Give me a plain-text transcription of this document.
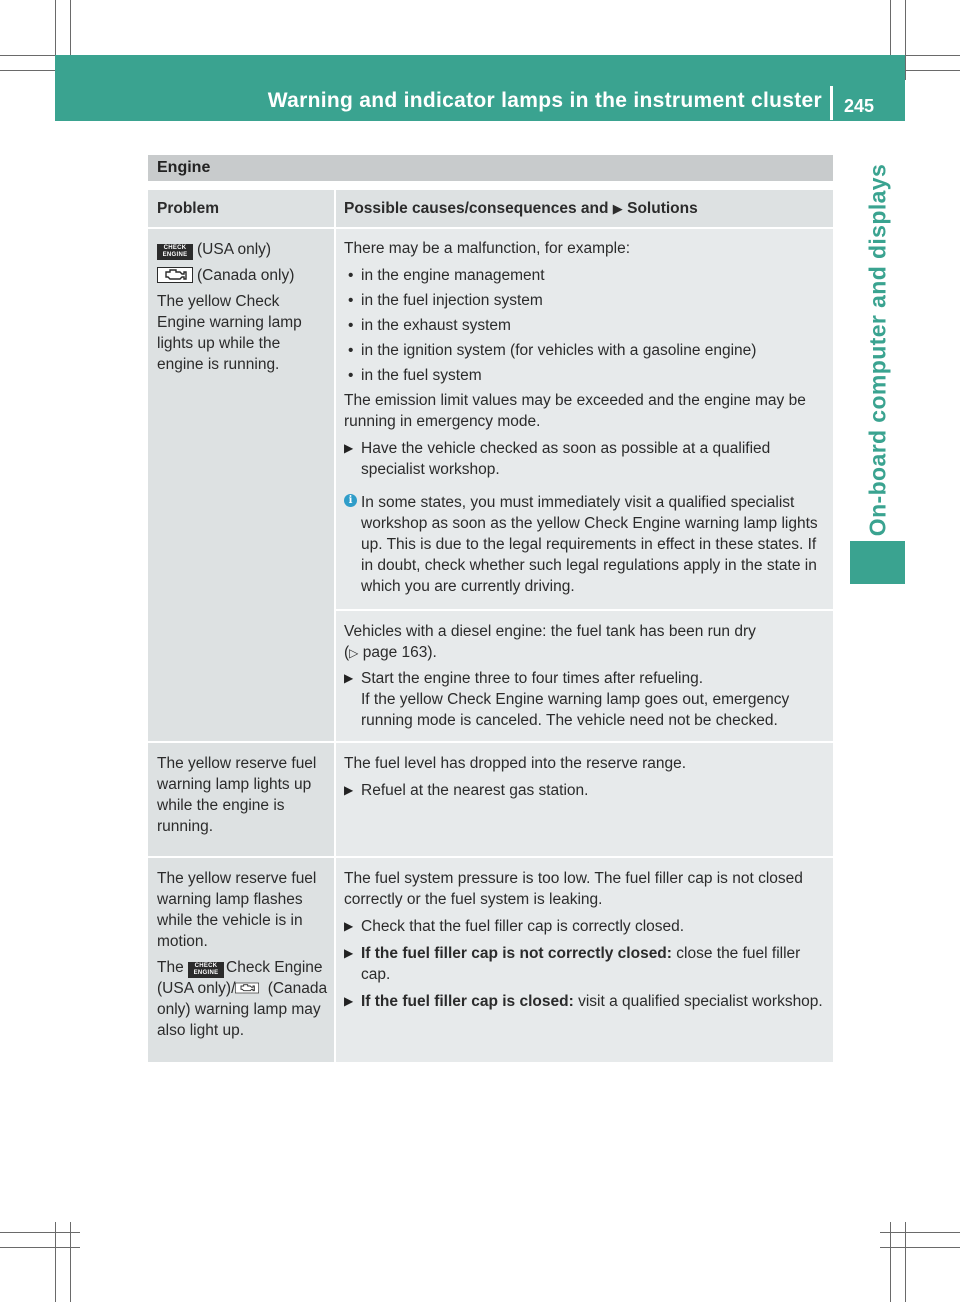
Warning and indicator lamps in the instrument cluster 245
On-board computer and displays
Engine
Problem	Possible causes/consequences and ▶ Solutions

CHECK
ENGINE (USA only)

(Canada only)

The yellow Check Engine warning lamp lights up while the engine is running.

There may be a malfunction, for example:

• in the engine management

• in the fuel injection system

• in the exhaust system

• in the ignition system (for vehicles with a gasoline engine)

• in the fuel system

The emission limit values may be exceeded and the engine may be running in emergency mode.

▶ Have the vehicle checked as soon as possible at a qualified specialist workshop.

i In some states, you must immediately visit a qualified specialist workshop as soon as the yellow Check Engine warning lamp lights up. This is due to the legal requirements in effect in these states. If in doubt, check whether such legal regulations apply in the state in which you are currently driving.

Vehicles with a diesel engine: the fuel tank has been run dry
(▷ page 163).

▶ Start the engine three to four times after refueling.
If the yellow Check Engine warning lamp goes out, emergency running mode is canceled. The vehicle need not be checked.

The yellow reserve fuel warning lamp lights up while the engine is running.

The fuel level has dropped into the reserve range.

▶ Refuel at the nearest gas station.

The yellow reserve fuel warning lamp flashes while the vehicle is in motion.

The CHECK
ENGINE Check Engine (USA only)/ (Canada only) warning lamp may also light up.

The fuel system pressure is too low. The fuel filler cap is not closed correctly or the fuel system is leaking.

▶ Check that the fuel filler cap is correctly closed.

▶ If the fuel filler cap is not correctly closed: close the fuel filler cap.

▶ If the fuel filler cap is closed: visit a qualified specialist workshop.
